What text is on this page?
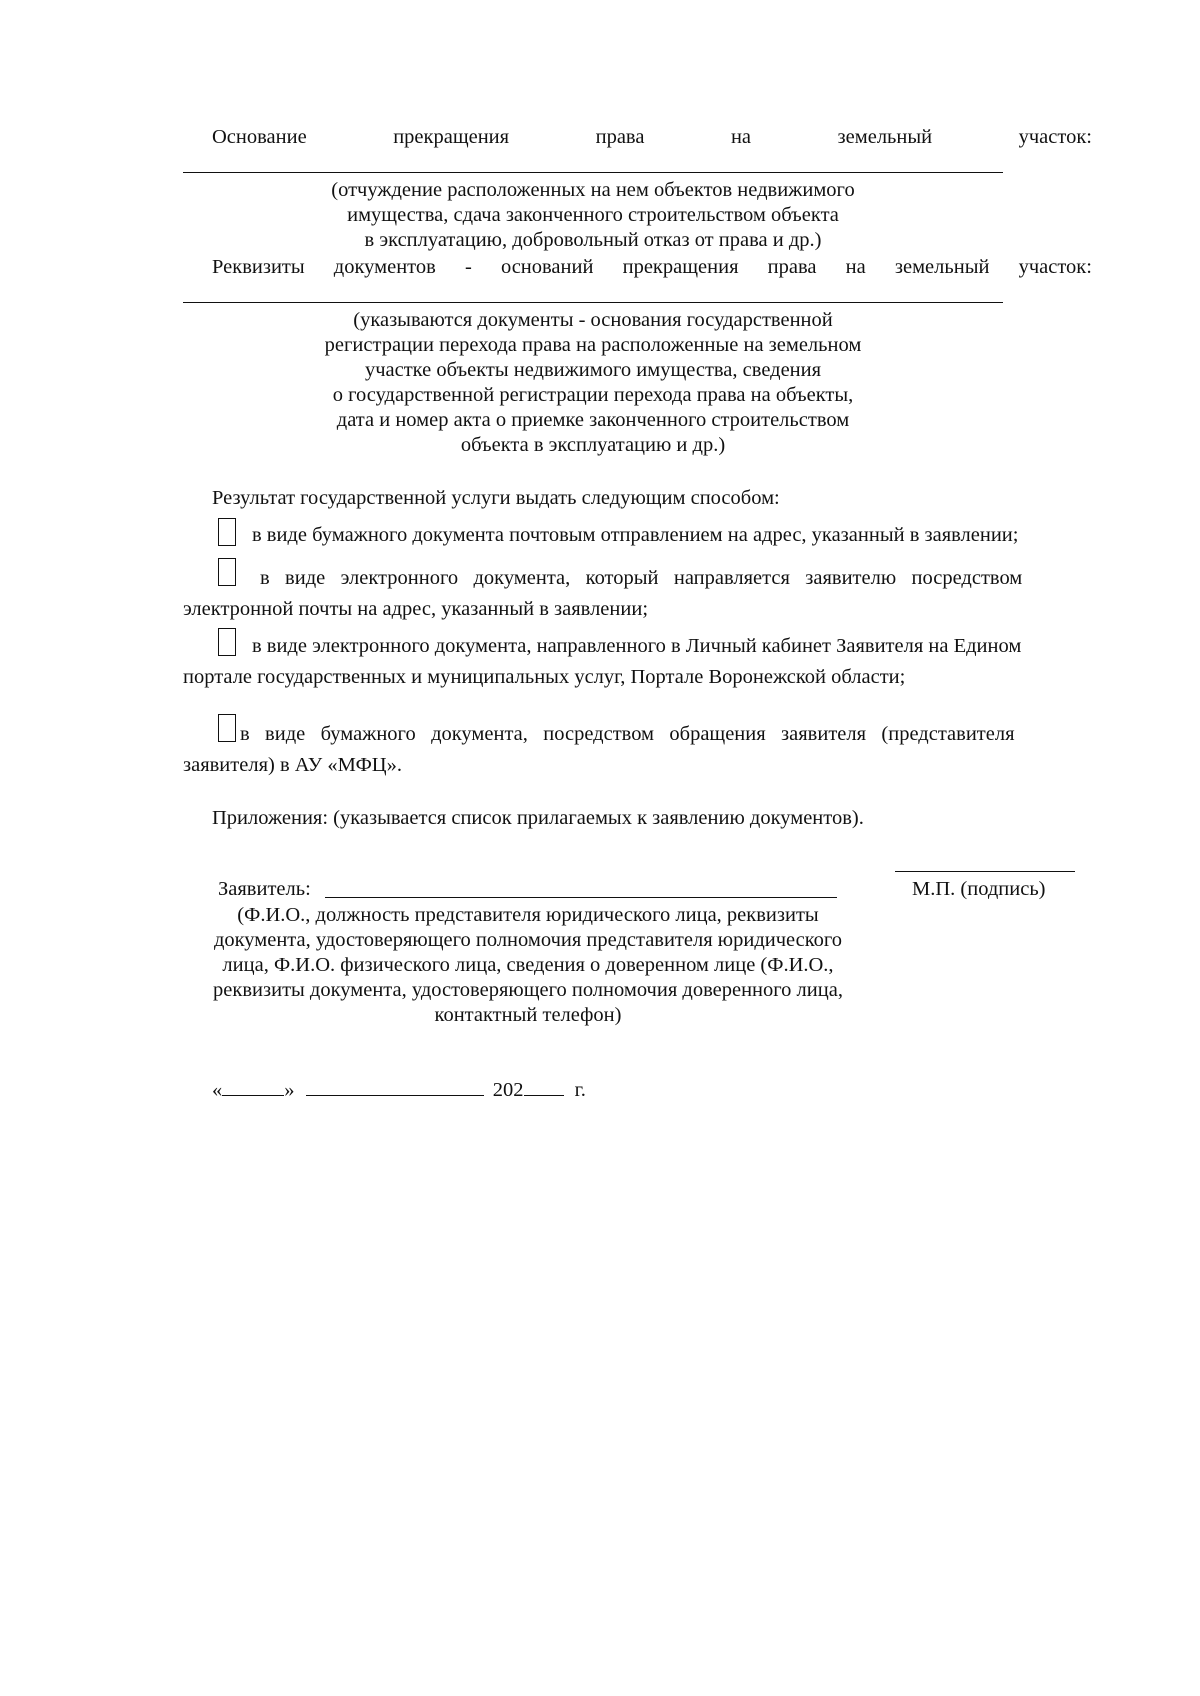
Основание	прекращения	права	на	земельный	участок:
(отчуждение расположенных на нем объектов недвижимого
имущества, сдача законченного строительством объекта
в эксплуатацию, добровольный отказ от права и др.)
Реквизиты документов - оснований прекращения права на земельный участок:
(указываются документы - основания государственной
регистрации перехода права на расположенные на земельном
участке объекты недвижимого имущества, сведения
о государственной регистрации перехода права на объекты,
дата и номер акта о приемке законченного строительством
объекта в эксплуатацию и др.)
Результат государственной услуги выдать следующим способом:
в виде бумажного документа почтовым отправлением на адрес, указанный в заявлении;
в   виде   электронного   документа,   который   направляется   заявителю   посредством
электронной почты на адрес, указанный в заявлении;
в виде электронного документа, направленного в Личный кабинет Заявителя на Едином
портале государственных и муниципальных услуг, Портале Воронежской области;
в   виде   бумажного   документа,   посредством   обращения   заявителя   (представителя
заявителя) в АУ «МФЦ».
Приложения: (указывается список прилагаемых к заявлению документов).
Заявитель:	М.П. (подпись)
(Ф.И.О., должность представителя юридического лица, реквизиты
документа, удостоверяющего полномочия представителя юридического
лица, Ф.И.О. физического лица, сведения о доверенном лице (Ф.И.О.,
реквизиты документа, удостоверяющего полномочия доверенного лица,
контактный телефон)
«	»	202 г.
